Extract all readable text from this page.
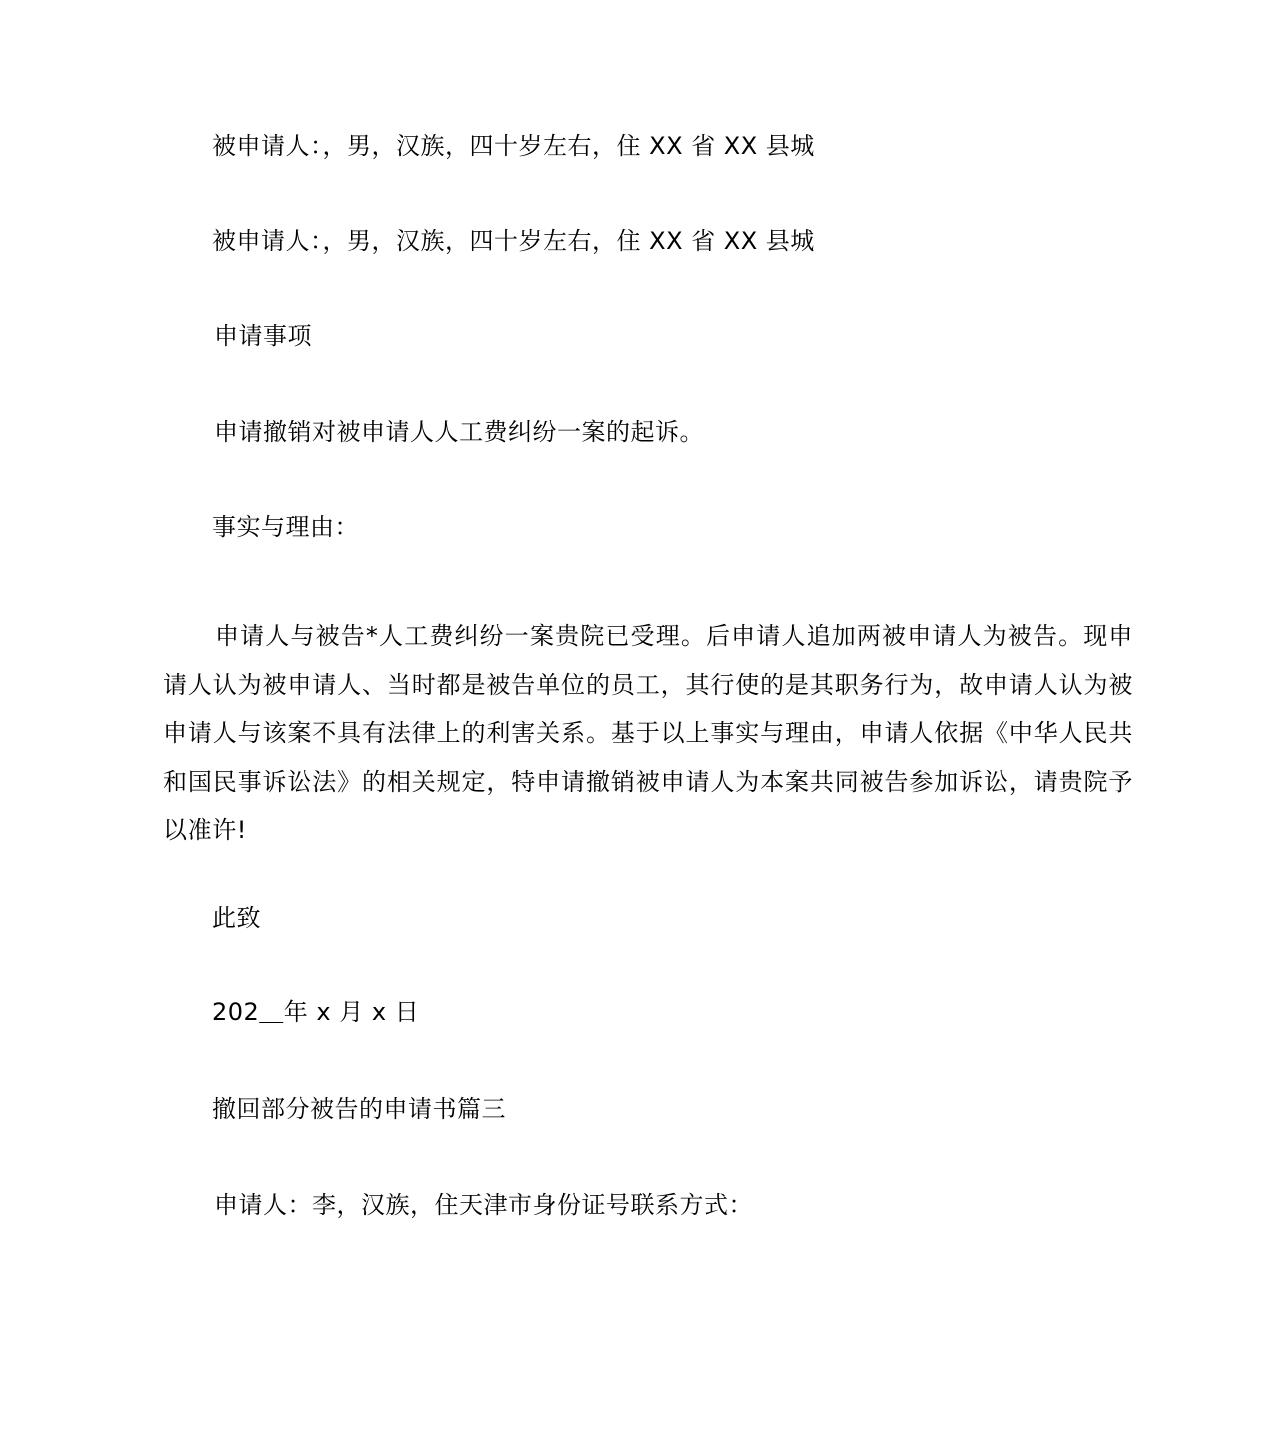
被申请人：，男，汉族，四十岁左右，住 XX 省 XX 县城
被申请人：，男，汉族，四十岁左右，住 XX 省 XX 县城
申请事项
申请撤销对被申请人人工费纠纷一案的起诉。
事实与理由：
申请人与被告*人工费纠纷一案贵院已受理。后申请人追加两被申请人为被告。现申请人认为被申请人、当时都是被告单位的员工，其行使的是其职务行为，故申请人认为被申请人与该案不具有法律上的利害关系。基于以上事实与理由，申请人依据《中华人民共和国民事诉讼法》的相关规定，特申请撤销被申请人为本案共同被告参加诉讼，请贵院予以准许!
此致
202＿年 x 月 x 日
撤回部分被告的申请书篇三
申请人：李，汉族，住天津市身份证号联系方式：
